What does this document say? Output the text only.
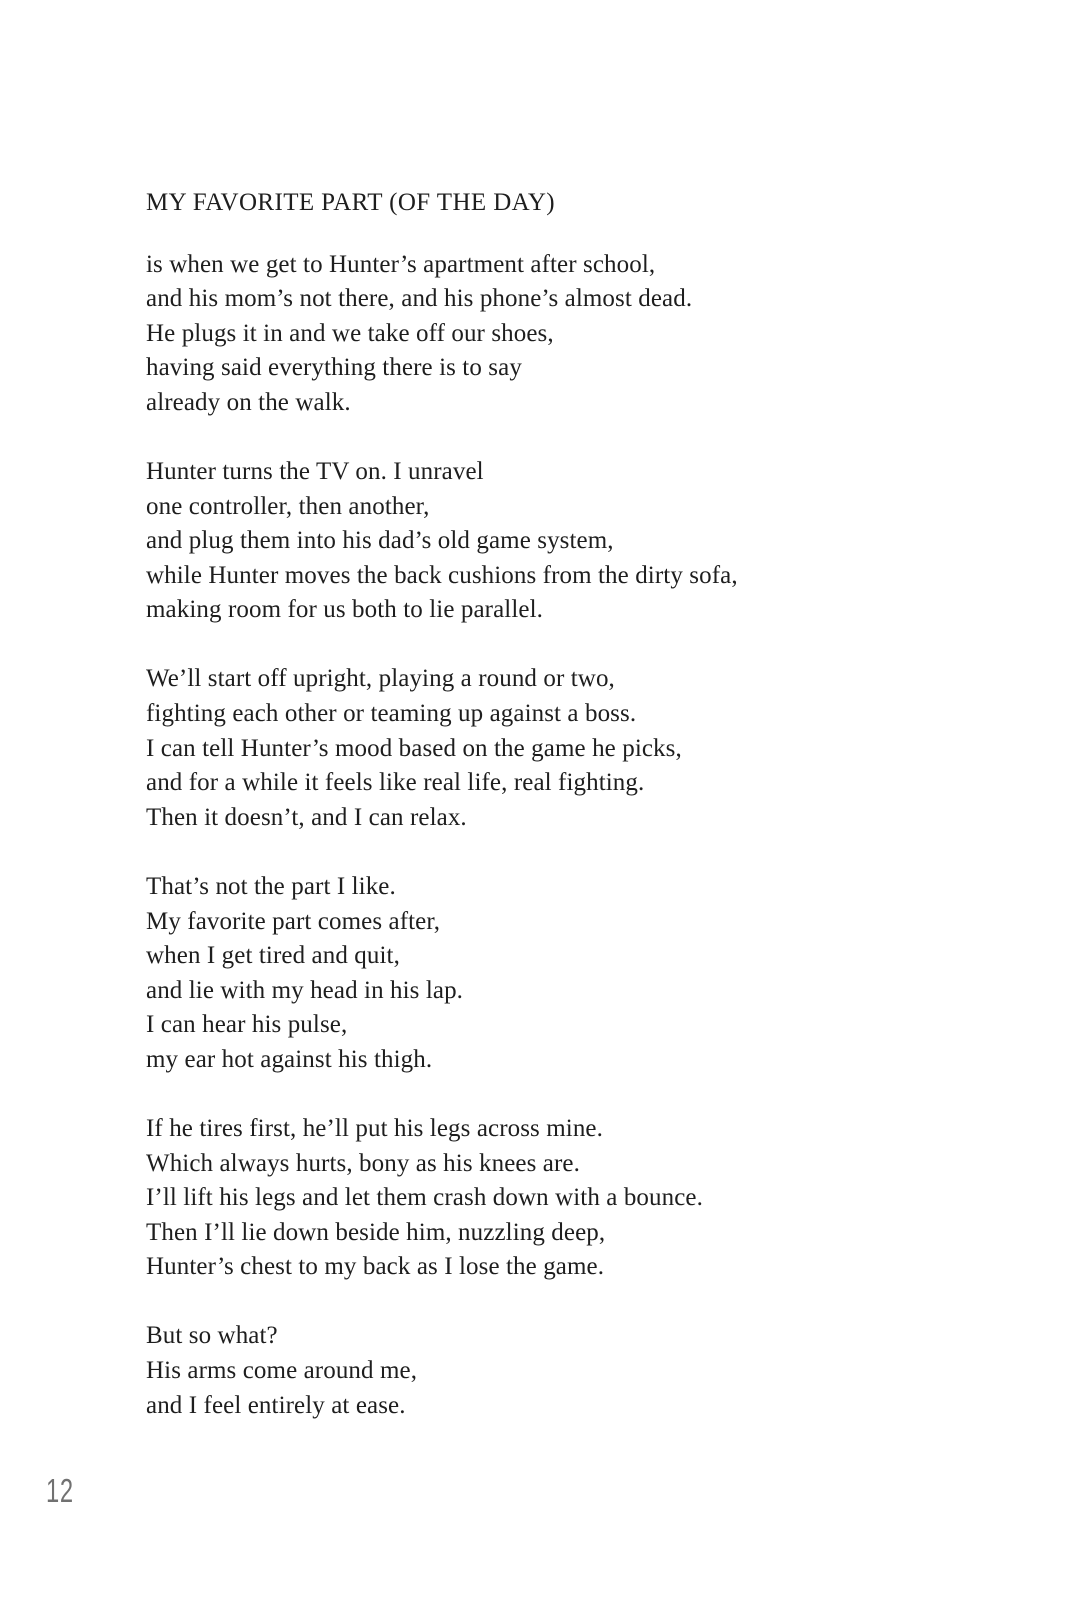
MY FAVORITE PART (OF THE DAY)

is when we get to Hunter’s apartment after school,

and his mom’s not there, and his phone’s almost dead.

He plugs it in and we take off our shoes,

having said everything there is to say

already on the walk.

Hunter turns the TV on. I unravel

one controller, then another,

and plug them into his dad’s old game system,

while Hunter moves the back cushions from the dirty sofa,

making room for us both to lie parallel.

We’ll start off upright, playing a round or two,

fighting each other or teaming up against a boss.

I can tell Hunter’s mood based on the game he picks,

and for a while it feels like real life, real fighting.

Then it doesn’t, and I can relax.

That’s not the part I like.

My favorite part comes after,

when I get tired and quit,

and lie with my head in his lap.

I can hear his pulse,

my ear hot against his thigh.

If he tires first, he’ll put his legs across mine.

Which always hurts, bony as his knees are.

I’ll lift his legs and let them crash down with a bounce.

Then I’ll lie down beside him, nuzzling deep,

Hunter’s chest to my back as I lose the game.

But so what?

His arms come around me,

and I feel entirely at ease.

12
